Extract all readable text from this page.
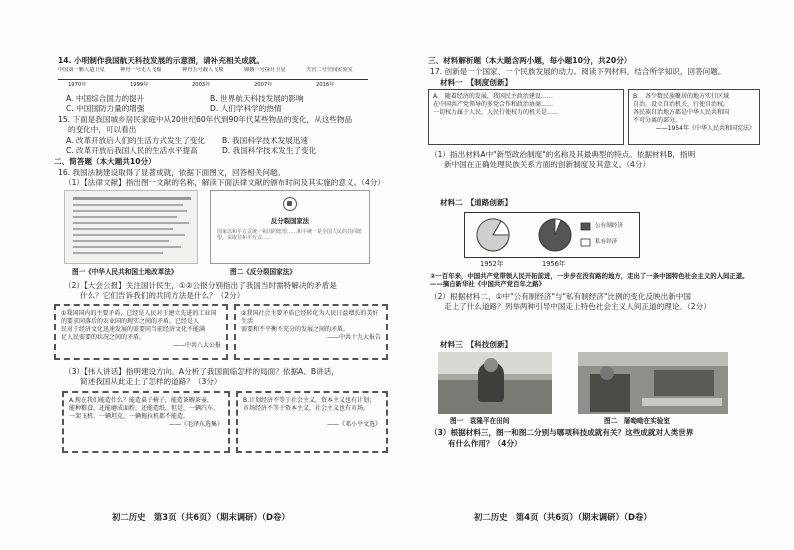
14. 小明制作我国航天科技发展的示意图，请补充相关成就。
中国第一颗人造卫星	神舟一号无人飞船	神舟五号载人飞船	嫦娥一号探月卫星	天宫二号空间实验室
1970年	1999年	2003年	2007年	2016年
A. 中国综合国力的提升	B. 世界航天科技发展的影响
C. 中国国防力量的增强	D. 人们学科学的热情
15. 下面是我国城乡居民家庭中从20世纪60年代到90年代某些物品的变化，从这些物品
的变化中，可以看出
A. 改革开放后人们的生活方式发生了变化 B. 我国科学技术发展迅速
C. 改革开放后我国人民的生活水平提高	D. 我国科学技术发生了变化
二、简答题（本大题共10分）
16. 我国法制建设取得了显著成就，依据下面图文，回答相关问题。
（1）【法律文献】指出图一文献的名称，解读下面法律文献的颁布时间及其实施的意义。（4分）
反分裂国家法
国家以和平方式统一祖国的愿望……和平统一是全国人民的共同愿望，采取非和平方式……
图一《中华人民共和国土地改革法》	图二《反分裂国家法》
（2）【大会公报】关注国计民生，①②公报分别指出了我国当时需特解决的矛盾是
什么？它们告诉我们的共同方法是什么？（2分）
①我国国内的主要矛盾，已经是人民对于建立先进的工业国
的要求同落后的农业国的现实之间的矛盾，已经是人
民对于经济文化迅速发展的需要同当前经济文化不能满
足人民需要的状况之间的矛盾。
——中共八大公报
②我国社会主要矛盾已经转化为人民日益增长的美好生活
需要和不平衡不充分的发展之间的矛盾。
——中共十九大报告
（3）【伟人讲话】指明建设方向。A分析了我国面临怎样的局面？依据A、B讲话，
简述我国从此走上了怎样的道路？（3分）
A.现在我们能造什么？能造桌子椅子，能造茶碗茶壶，
能种粮食，还能磨成面粉，还能造纸，但是，一辆汽车、
一架飞机、一辆坦克、一辆拖拉机都不能造。
——《毛泽东选集》
B.计划经济不等于社会主义，资本主义也有计划；
市场经济不等于资本主义，社会主义也有市场。
——《邓小平文选》
初二历史　第3页（共6页）（期末调研）（D卷）
三、材料解析题（本大题含两小题，每小题10分，共20分）
17. 创新是一个国家、一个民族发展的动力。阅读下列材料，结合所学知识，回答问题。
材料一　【制度创新】
A.　随着经济的发展，我国民主政治建设……
在中国共产党领导的多党合作和政治协商……
一切权力属于人民，人民行使权力的机关是……
B.　各少数民族聚居的地方实行区域
自治，设立自治机关，行使自治权。
各民族自治地方都是中华人民共和国
不可分离的部分。
——1954年《中华人民共和国宪法》
（1）指出材料A中"新型政治制度"的名称及其最典型的特点。依据材料B，指明
新中国在正确处理民族关系方面的创新制度及其意义。（4分）
材料二　【道路创新】
公有制经济
私有经济
1952年	1956年
②一百年来，中国共产党带领人民开拓前进，一步步在没有路的地方，走出了一条中国特色社会主义的人间正道。——摘自新华社《中国共产党百年之路》
（2）根据材料二，①中"公有制经济"与"私有制经济"比例的变化反映出新中国
走上了什么道路？列举两种引导中国走上特色社会主义人间正道的理论。（2分）
材料三　【科技创新】
图一　袁隆平在田间	图二　屠呦呦在实验室
（3）根据材料三，图一和图二分别与哪项科技成就有关？这些成就对人类世界
有什么作用？（4分）
初二历史　第4页（共6页）（期末调研）（D卷）
